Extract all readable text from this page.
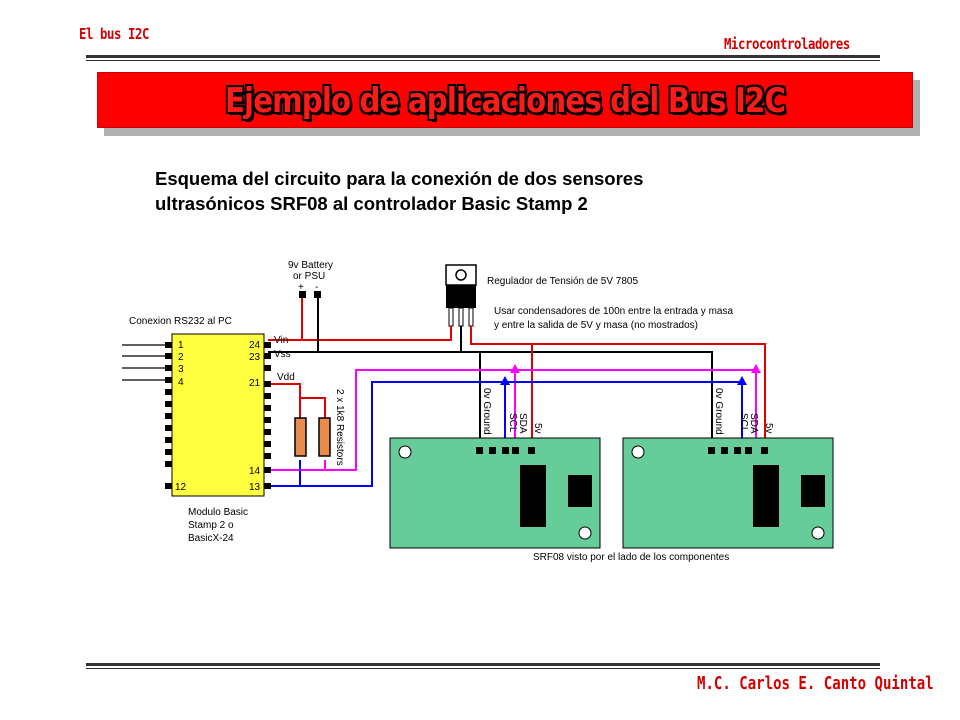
El bus I2C
Microcontroladores
Ejemplo de aplicaciones del Bus I2C
Esquema del circuito para la conexión de dos sensores
ultrasónicos SRF08 al controlador Basic Stamp 2
9v Battery
or PSU
+ -
Regulador de Tensión de 5V 7805
Usar condensadores de 100n entre la entrada y masa
y entre la salida de 5V y masa (no mostrados)
Conexion RS232 al PC
1
2
3
4
12
24
23
21
14
13
Vin
Vss
Vdd
2 x 1k8 Resistors
Modulo Basic
Stamp 2 o
BasicX-24
0v Ground SCL SDA 5v	0v Ground SCL SDA 5v
SRF08 visto por el lado de los componentes
M.C. Carlos E. Canto Quintal
